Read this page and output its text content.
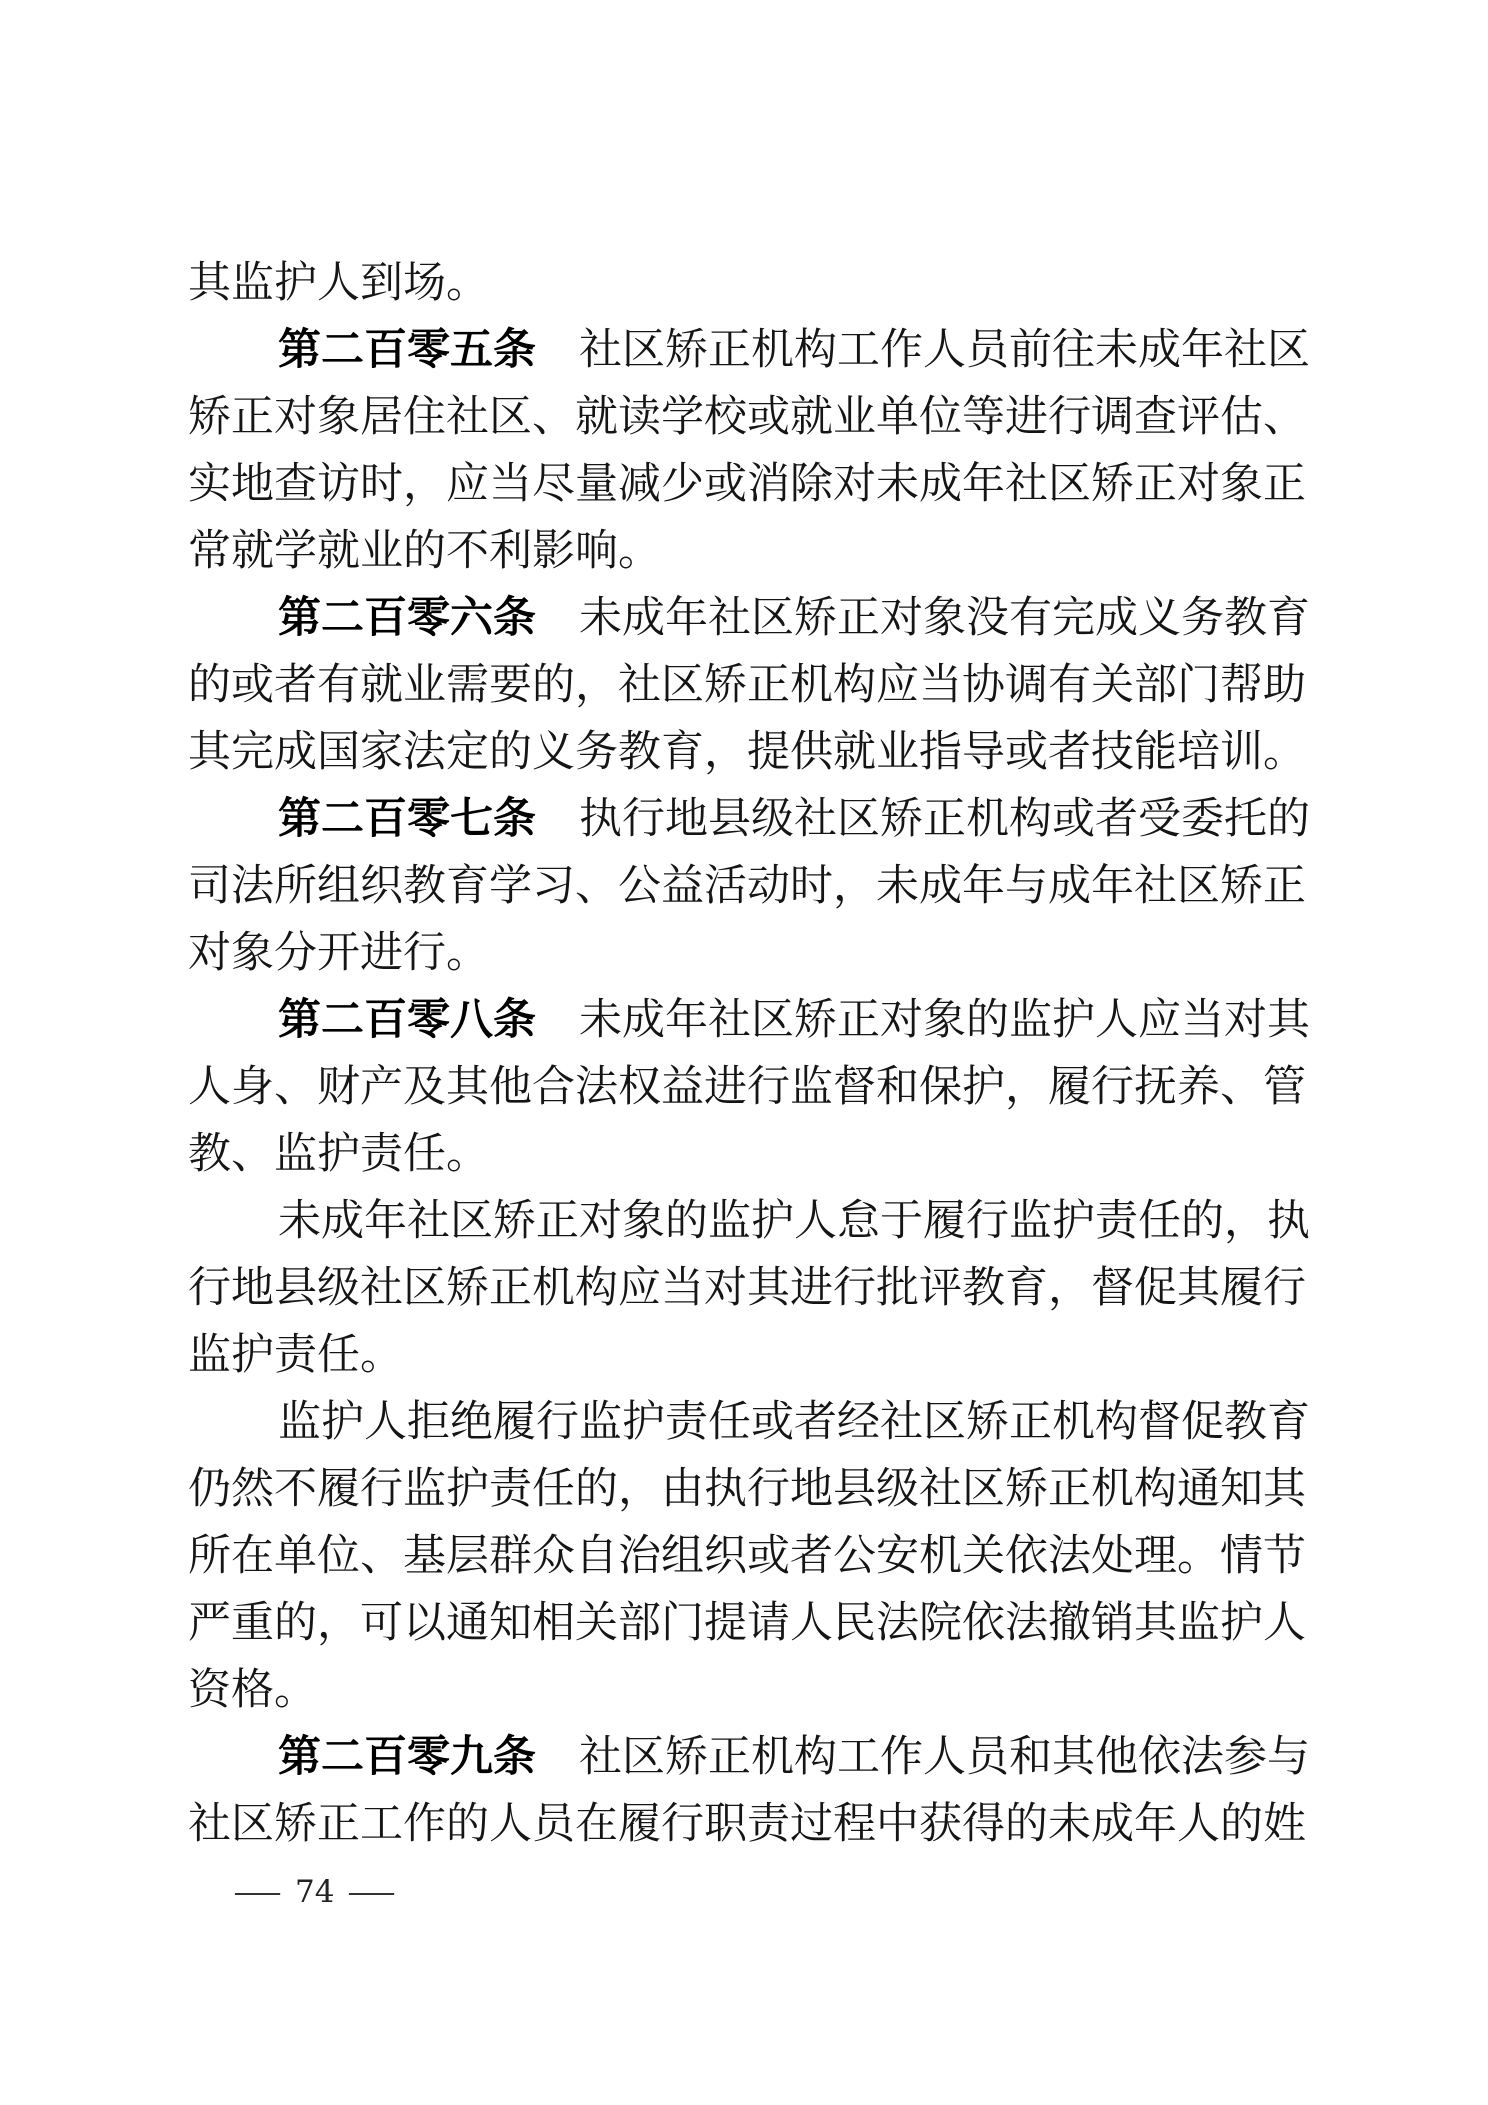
其监护人到场。
第二百零五条 社区矫正机构工作人员前往未成年社区
矫正对象居住社区、就读学校或就业单位等进行调查评估、
实地查访时，应当尽量减少或消除对未成年社区矫正对象正
常就学就业的不利影响。
第二百零六条 未成年社区矫正对象没有完成义务教育
的或者有就业需要的，社区矫正机构应当协调有关部门帮助
其完成国家法定的义务教育，提供就业指导或者技能培训。
第二百零七条 执行地县级社区矫正机构或者受委托的
司法所组织教育学习、公益活动时，未成年与成年社区矫正
对象分开进行。
第二百零八条 未成年社区矫正对象的监护人应当对其
人身、财产及其他合法权益进行监督和保护，履行抚养、管
教、监护责任。
未成年社区矫正对象的监护人怠于履行监护责任的，执
行地县级社区矫正机构应当对其进行批评教育，督促其履行
监护责任。
监护人拒绝履行监护责任或者经社区矫正机构督促教育
仍然不履行监护责任的，由执行地县级社区矫正机构通知其
所在单位、基层群众自治组织或者公安机关依法处理。情节
严重的，可以通知相关部门提请人民法院依法撤销其监护人
资格。
第二百零九条 社区矫正机构工作人员和其他依法参与
社区矫正工作的人员在履行职责过程中获得的未成年人的姓
— 74 —
